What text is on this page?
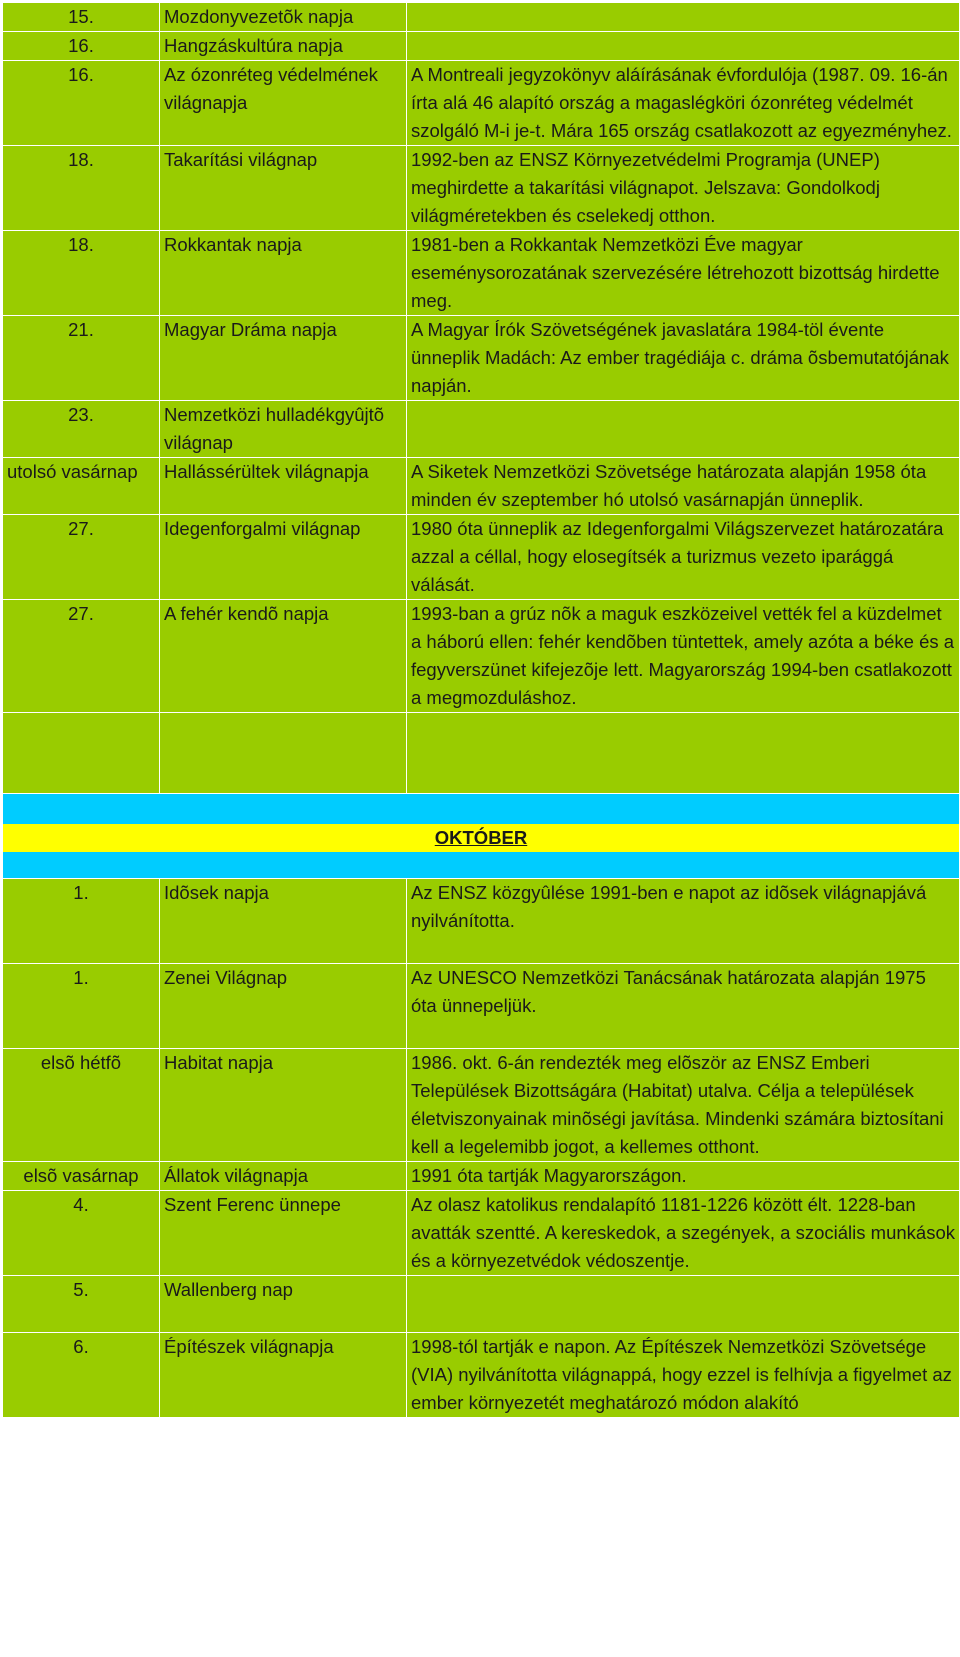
15.	Mozdonyvezetõk napja	
16.	Hangzáskultúra napja	
16.	Az ózonréteg védelmének világnapja	A Montreali jegyzokönyv aláírásának évfordulója (1987. 09. 16-án írta alá 46 alapító ország a magaslégköri ózonréteg védelmét szolgáló M-i je-t. Mára 165 ország csatlakozott az egyezményhez.
18.	Takarítási világnap	1992-ben az ENSZ Környezetvédelmi Programja (UNEP) meghirdette a takarítási világnapot. Jelszava: Gondolkodj világméretekben és cselekedj otthon.
18.	Rokkantak napja	1981-ben a Rokkantak Nemzetközi Éve magyar eseménysorozatának szervezésére létrehozott bizottság hirdette meg.
21.	Magyar Dráma napja	A Magyar Írók Szövetségének javaslatára 1984-töl évente ünneplik Madách: Az ember tragédiája c. dráma õsbemutatójának napján.
23.	Nemzetközi hulladékgyûjtõ világnap	
utolsó vasárnap	Hallássérültek világnapja	A Siketek Nemzetközi Szövetsége határozata alapján 1958 óta minden év szeptember hó utolsó vasárnapján ünneplik.
27.	Idegenforgalmi világnap	1980 óta ünneplik az Idegenforgalmi Világszervezet határozatára azzal a céllal, hogy elosegítsék a turizmus vezeto iparággá válását.
27.	A fehér kendõ napja	1993-ban a grúz nõk a maguk eszközeivel vették fel a küzdelmet a háború ellen: fehér kendõben tüntettek, amely azóta a béke és a fegyverszünet kifejezõje lett. Magyarország 1994-ben csatlakozott a megmozduláshoz.

OKTÓBER		

1.	Idõsek napja	Az ENSZ közgyûlése 1991-ben e napot az idõsek világnapjává nyilvánította.
1.	Zenei Világnap	Az UNESCO Nemzetközi Tanácsának határozata alapján 1975 óta ünnepeljük.
elsõ hétfõ	Habitat napja	1986. okt. 6-án rendezték meg elõször az ENSZ Emberi Települések Bizottságára (Habitat) utalva. Célja a települések életviszonyainak minõségi javítása. Mindenki számára biztosítani kell a legelemibb jogot, a kellemes otthont.
elsõ vasárnap	Állatok világnapja	1991 óta tartják Magyarországon.
4.	Szent Ferenc ünnepe	Az olasz katolikus rendalapító 1181-1226 között élt. 1228-ban avatták szentté. A kereskedok, a szegények, a szociális munkások és a környezetvédok védoszentje.
5.	Wallenberg nap	
6.	Építészek világnapja	1998-tól tartják e napon. Az Építészek Nemzetközi Szövetsége (VIA) nyilvánította világnappá, hogy ezzel is felhívja a figyelmet az ember környezetét meghatározó módon alakító
